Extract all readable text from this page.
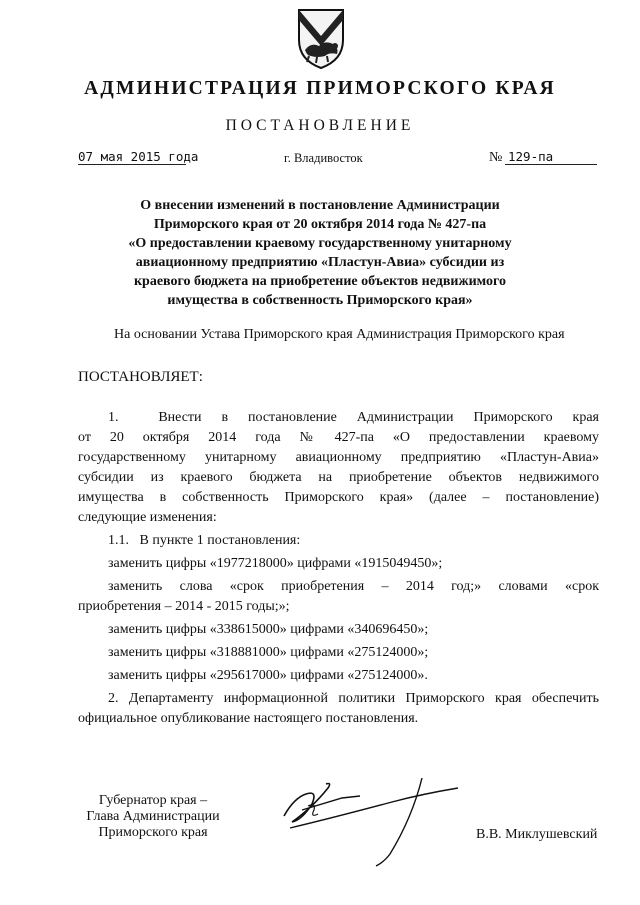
АДМИНИСТРАЦИЯ ПРИМОРСКОГО КРАЯ
ПОСТАНОВЛЕНИЕ
07 мая 2015 года	г. Владивосток	№ 129-па
О внесении изменений в постановление Администрации
Приморского края от 20 октября 2014 года № 427-па
«О предоставлении краевому государственному унитарному
авиационному предприятию «Пластун-Авиа» субсидии из
краевого бюджета на приобретение объектов недвижимого
имущества в собственность Приморского края»
На основании Устава Приморского края Администрация Приморского края
ПОСТАНОВЛЯЕТ:

1.      Внести   в   постановление   Администрации   Приморского   края

от   20   октября   2014   года   №   427-па   «О   предоставлении   краевому

государственному  унитарному  авиационному  предприятию  «Пластун-Авиа»

субсидии  из  краевого  бюджета  на  приобретение  объектов  недвижимого

имущества  в  собственность  Приморского  края»  (далее  –  постановление)

следующие изменения:

1.1.   В пункте 1 постановления:

заменить цифры «1977218000» цифрами «1915049450»;

заменить   слова   «срок   приобретения   –   2014   год;»   словами   «срок

приобретения – 2014 - 2015 годы;»;

заменить цифры «338615000» цифрами «340696450»;

заменить цифры «318881000» цифрами «275124000»;

заменить цифры «295617000» цифрами «275124000».

2.  Департаменту  информационной  политики  Приморского  края  обеспечить

официальное опубликование настоящего постановления.

Губернатор края –
Глава Администрации
Приморского края	В.В. Миклушевский
